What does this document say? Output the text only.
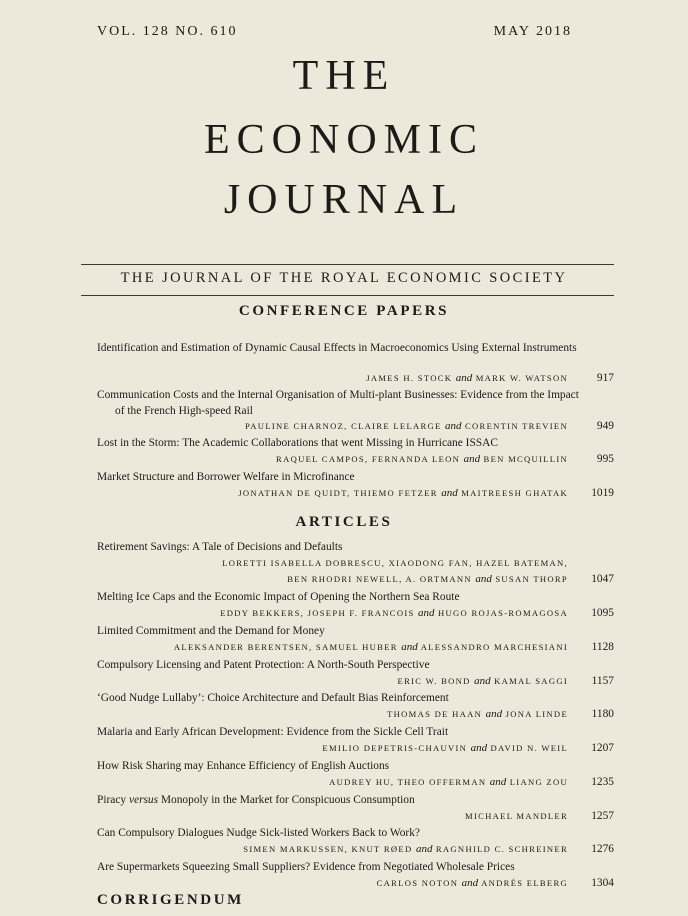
VOL. 128 NO. 610	MAY 2018
THE
ECONOMIC
JOURNAL
THE JOURNAL OF THE ROYAL ECONOMIC SOCIETY
CONFERENCE PAPERS
Identification and Estimation of Dynamic Causal Effects in Macroeconomics Using External Instruments
JAMES H. STOCK and MARK W. WATSON	917
Communication Costs and the Internal Organisation of Multi-plant Businesses: Evidence from the Impact of the French High-speed Rail
PAULINE CHARNOZ, CLAIRE LELARGE and CORENTIN TREVIEN	949
Lost in the Storm: The Academic Collaborations that went Missing in Hurricane ISSAC
RAQUEL CAMPOS, FERNANDA LEON and BEN MCQUILLIN	995
Market Structure and Borrower Welfare in Microfinance
JONATHAN DE QUIDT, THIEMO FETZER and MAITREESH GHATAK 1019
ARTICLES
Retirement Savings: A Tale of Decisions and Defaults
LORETTI ISABELLA DOBRESCU, XIAODONG FAN, HAZEL BATEMAN,
BEN RHODRI NEWELL, A. ORTMANN and SUSAN THORP 1047
Melting Ice Caps and the Economic Impact of Opening the Northern Sea Route
EDDY BEKKERS, JOSEPH F. FRANCOIS and HUGO ROJAS-ROMAGOSA 1095
Limited Commitment and the Demand for Money
ALEKSANDER BERENTSEN, SAMUEL HUBER and ALESSANDRO MARCHESIANI 1128
Compulsory Licensing and Patent Protection: A North-South Perspective
ERIC W. BOND and KAMAL SAGGI 1157
‘Good Nudge Lullaby’: Choice Architecture and Default Bias Reinforcement
THOMAS DE HAAN and JONA LINDE 1180
Malaria and Early African Development: Evidence from the Sickle Cell Trait
EMILIO DEPETRIS-CHAUVIN and DAVID N. WEIL 1207
How Risk Sharing may Enhance Efficiency of English Auctions
AUDREY HU, THEO OFFERMAN and LIANG ZOU 1235
Piracy versus Monopoly in the Market for Conspicuous Consumption
MICHAEL MANDLER 1257
Can Compulsory Dialogues Nudge Sick-listed Workers Back to Work?
SIMEN MARKUSSEN, KNUT RØED and RAGNHILD C. SCHREINER 1276
Are Supermarkets Squeezing Small Suppliers? Evidence from Negotiated Wholesale Prices
CARLOS NOTON and ANDRÉS ELBERG 1304
CORRIGENDUM
